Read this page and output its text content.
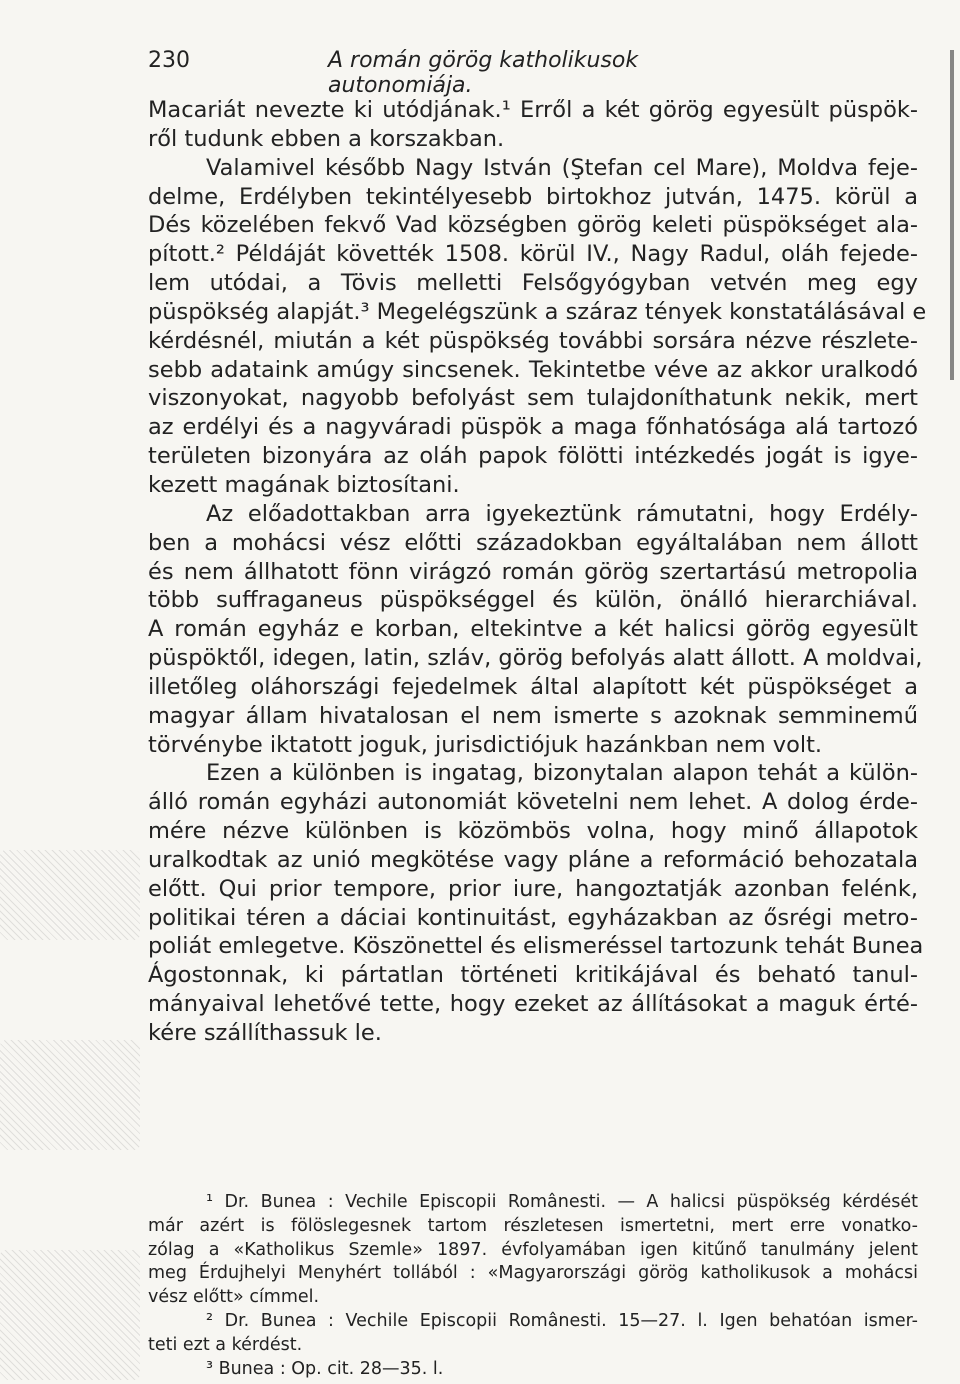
230	A román görög katholikusok autonomiája.
Macariát nevezte ki utódjának.¹ Erről a két görög egyesült püspök-
ről tudunk ebben a korszakban.
Valamivel később Nagy István (Ştefan cel Mare), Moldva feje-
delme, Erdélyben tekintélyesebb birtokhoz jutván, 1475. körül a
Dés közelében fekvő Vad községben görög keleti püspökséget ala-
pított.² Példáját követték 1508. körül IV., Nagy Radul, oláh fejede-
lem utódai, a Tövis melletti Felsőgyógyban vetvén meg egy
püspökség alapját.³ Megelégszünk a száraz tények konstatálásával e
kérdésnél, miután a két püspökség további sorsára nézve részlete-
sebb adataink amúgy sincsenek. Tekintetbe véve az akkor uralkodó
viszonyokat, nagyobb befolyást sem tulajdoníthatunk nekik, mert
az erdélyi és a nagyváradi püspök a maga főnhatósága alá tartozó
területen bizonyára az oláh papok fölötti intézkedés jogát is igye-
kezett magának biztosítani.
Az előadottakban arra igyekeztünk rámutatni, hogy Erdély-
ben a mohácsi vész előtti századokban egyáltalában nem állott
és nem állhatott fönn virágzó román görög szertartású metropolia
több suffraganeus püspökséggel és külön, önálló hierarchiával.
A román egyház e korban, eltekintve a két halicsi görög egyesült
püspöktől, idegen, latin, szláv, görög befolyás alatt állott. A moldvai,
illetőleg oláhországi fejedelmek által alapított két püspökséget a
magyar állam hivatalosan el nem ismerte s azoknak semminemű
törvénybe iktatott joguk, jurisdictiójuk hazánkban nem volt.
Ezen a különben is ingatag, bizonytalan alapon tehát a külön-
álló román egyházi autonomiát követelni nem lehet. A dolog érde-
mére nézve különben is közömbös volna, hogy minő állapotok
uralkodtak az unió megkötése vagy pláne a reformáció behozatala
előtt. Qui prior tempore, prior iure, hangoztatják azonban felénk,
politikai téren a dáciai kontinuitást, egyházakban az ősrégi metro-
poliát emlegetve. Köszönettel és elismeréssel tartozunk tehát Bunea
Ágostonnak, ki pártatlan történeti kritikájával és beható tanul-
mányaival lehetővé tette, hogy ezeket az állításokat a maguk érté-
kére szállíthassuk le.
¹ Dr. Bunea : Vechile Episcopii Românesti. — A halicsi püspökség kérdését
már azért is fölöslegesnek tartom részletesen ismertetni, mert erre vonatko-
zólag a «Katholikus Szemle» 1897. évfolyamában igen kitűnő tanulmány jelent
meg Érdujhelyi Menyhért tollából : «Magyarországi görög katholikusok a mohácsi
vész előtt» címmel.
² Dr. Bunea : Vechile Episcopii Românesti. 15—27. l. Igen behatóan ismer-
teti ezt a kérdést.
³ Bunea : Op. cit. 28—35. l.
